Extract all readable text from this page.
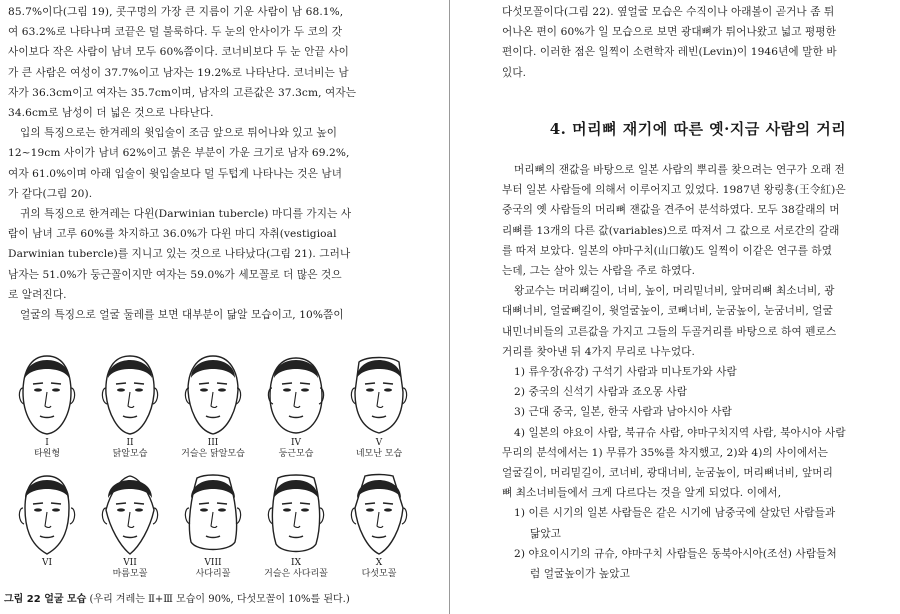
85.7%이다(그림 19), 콧구멍의 가장 큰 지름이 기운 사람이 남 68.1%,
여 63.2%로 나타나며 코끝은 덜 불룩하다. 두 눈의 안사이가 두 코의 갓
사이보다 작은 사람이 남녀 모두 60%쯤이다. 코너비보다 두 눈 안끝 사이
가 큰 사람은 여성이 37.7%이고 남자는 19.2%로 나타난다. 코너비는 남
자가 36.3cm이고 여자는 35.7cm이며, 남자의 고른값은 37.3cm, 여자는
34.6cm로 남성이 더 넓은 것으로 나타난다.
입의 특징으로는 한겨레의 윗입술이 조금 앞으로 튀어나와 있고 높이
12~19cm 사이가 남녀 62%이고 붉은 부분이 가운 크기로 남자 69.2%,
여자 61.0%이며 아래 입술이 윗입술보다 덜 두텁게 나타나는 것은 남녀
가 같다(그림 20).
귀의 특징으로 한겨레는 다윈(Darwinian tubercle) 마디를 가지는 사
람이 남녀 고루 60%를 차지하고 36.0%가 다윈 마디 자취(vestigioal
Darwinian tubercle)를 지니고 있는 것으로 나타났다(그림 21). 그러나
남자는 51.0%가 둥근꼴이지만 여자는 59.0%가 세모꼴로 더 많은 것으
로 알려진다.
얼굴의 특징으로 얼굴 둘레를 보면 대부분이 닮알 모습이고, 10%쯤이
I
타원형
II
닭알모습
III
거슬은 닭알모습
IV
둥근모습
V
네모난 모습
VI	VII
마름모꼴
VIII
사다리꼴
IX
거슬은 사다리꼴
X
다섯모꼴
그림 22 얼굴 모습 (우리 겨레는 Ⅱ+Ⅲ 모습이 90%, 다섯모꼴이 10%를 된다.)
다섯모꼴이다(그림 22). 옆얼굴 모습은 수직이나 아래볼이 곧거나 좀 튀
어나온 편이 60%가 일 모습으로 보면 광대뼈가 튀어나왔고 넓고 평평한
편이다. 이러한 점은 일찍이 소련학자 레빈(Levin)이 1946년에 말한 바
있다.
4. 머리뼈 재기에 따른 옛·지금 사람의 거리
머리뼈의 잰값을 바탕으로 일본 사람의 뿌리를 찾으려는 연구가 오래 전
부터 일본 사람들에 의해서 이루어지고 있었다. 1987년 왕링훙(王令紅)은
중국의 옛 사람들의 머리뼈 잰값을 견주어 분석하였다. 모두 38갈래의 머
리뼈를 13개의 다른 값(variables)으로 따져서 그 값으로 서로간의 갈래
를 따져 보았다. 일본의 야마구치(山口敏)도 일찍이 이같은 연구를 하였
는데, 그는 살아 있는 사람을 주로 하였다.
왕교수는 머리뼈길이, 너비, 높이, 머리밑너비, 앞머리뼈 최소너비, 광
대뼈너비, 얼굴뼈길이, 윗얼굴높이, 코뼈너비, 눈굼높이, 눈굼너비, 얼굴
내민너비들의 고른값을 가지고 그들의 두골거리를 바탕으로 하여 펜로스
거리를 찾아낸 뒤 4가지 무리로 나누었다.
1) 류우장(유강) 구석기 사람과 미나토가와 사람
2) 중국의 신석기 사람과 죠오몽 사람
3) 근대 중국, 일본, 한국 사람과 남아시아 사람
4) 일본의 야요이 사람, 북규슈 사람, 야마구치지역 사람, 북아시아 사람
무리의 분석에서는 1) 무류가 35%를 차지했고, 2)와 4)의 사이에서는
얼굴길이, 머리밑길이, 코너비, 광대너비, 눈굼높이, 머리뼈너비, 앞머리
뼈 최소너비들에서 크게 다르다는 것을 알게 되었다. 이에서,
1) 이른 시기의 일본 사람들은 같은 시기에 남중국에 살았던 사람들과
닮았고
2) 야요이시기의 규슈, 야마구치 사람들은 동북아시아(조선) 사람들처
럼 얼굴높이가 높았고
